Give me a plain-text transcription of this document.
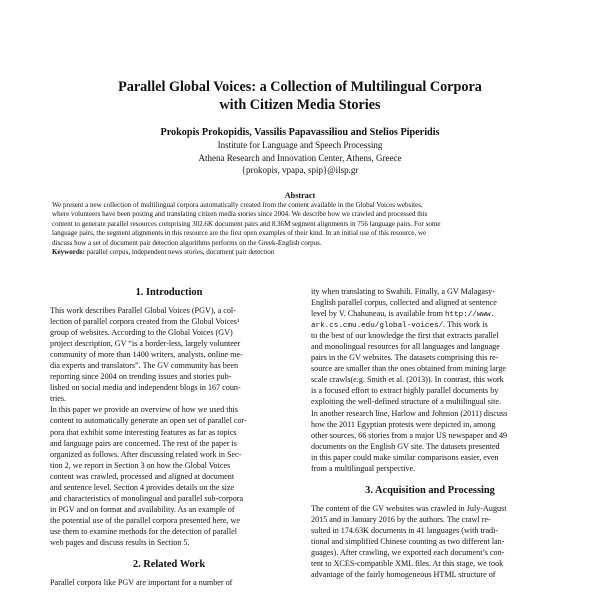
Parallel Global Voices: a Collection of Multilingual Corpora
with Citizen Media Stories
Prokopis Prokopidis, Vassilis Papavassiliou and Stelios Piperidis
Institute for Language and Speech Processing
Athena Research and Innovation Center, Athens, Greece
{prokopis, vpapa, spip}@ilsp.gr
Abstract
We present a new collection of multilingual corpora automatically created from the content available in the Global Voices websites,
where volunteers have been posting and translating citizen media stories since 2004. We describe how we crawled and processed this
content to generate parallel resources comprising 302.6K document pairs and 8.36M segment alignments in 756 language pairs. For some
language pairs, the segment alignments in this resource are the first open examples of their kind. In an initial use of this resource, we
discuss how a set of document pair detection algorithms performs on the Greek-English corpus.
Keywords: parallel corpus, independent news stories, document pair detection
1. Introduction
This work describes Parallel Global Voices (PGV), a col-
lection of parallel corpora created from the Global Voices¹
group of websites. According to the Global Voices (GV)
project description, GV “is a border-less, largely volunteer
community of more than 1400 writers, analysts, online me-
dia experts and translators”. The GV community has been
reporting since 2004 on trending issues and stories pub-
lished on social media and independent blogs in 167 coun-
tries.
In this paper we provide an overview of how we used this
content to automatically generate an open set of parallel cor-
pora that exhibit some interesting features as far as topics
and language pairs are concerned. The rest of the paper is
organized as follows. After discussing related work in Sec-
tion 2, we report in Section 3 on how the Global Voices
content was crawled, processed and aligned at document
and sentence level. Section 4 provides details on the size
and characteristics of monolingual and parallel sub-corpora
in PGV and on format and availability. As an example of
the potential use of the parallel corpora presented here, we
use them to examine methods for the detection of parallel
web pages and discuss results in Section 5.
2. Related Work
Parallel corpora like PGV are important for a number of
ity when translating to Swahili. Finally, a GV Malagasy-
English parallel corpus, collected and aligned at sentence
level by V. Chahuneau, is available from http://www.
ark.cs.cmu.edu/global-voices/. This work is
to the best of our knowledge the first that extracts parallel
and monolingual resources for all languages and language
pairs in the GV websites. The datasets comprising this re-
source are smaller than the ones obtained from mining large
scale crawls(e.g. Smith et al. (2013)). In contrast, this work
is a focused effort to extract highly parallel documents by
exploiting the well-defined structure of a multilingual site.
In another research line, Harlow and Johnson (2011) discuss
how the 2011 Egyptian protests were depicted in, among
other sources, 66 stories from a major US newspaper and 49
documents on the English GV site. The datasets presented
in this paper could make similar comparisons easier, even
from a multilingual perspective.
3. Acquisition and Processing
The content of the GV websites was crawled in July-August
2015 and in January 2016 by the authors. The crawl re-
sulted in 174.63K documents in 41 languages (with tradi-
tional and simplified Chinese counting as two different lan-
guages). After crawling, we exported each document’s con-
tent to XCES-compatible XML files. At this stage, we took
advantage of the fairly homogeneous HTML structure of
